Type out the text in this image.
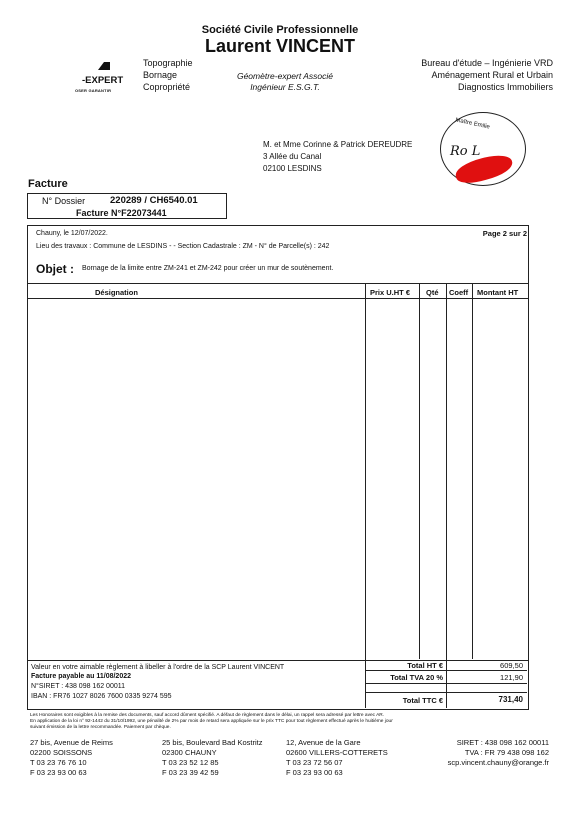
Société Civile Professionnelle
Laurent VINCENT
-EXPERT
OSER GARANTIR
Topographie
Bornage
Copropriété
Géomètre-expert Associé
Ingénieur E.S.G.T.
Bureau d'étude – Ingénierie VRD
Aménagement Rural et Urbain
Diagnostics Immobiliers
M. et Mme Corinne & Patrick DEREUDRE
3 Allée du Canal
02100 LESDINS
Maître Emilie
Ro L
Facture
N° Dossier	220289 / CH6540.01
Facture N°F22073441
Chauny, le 12/07/2022.	Page 2 sur 2
Lieu des travaux : Commune de LESDINS - - Section Cadastrale : ZM - N° de Parcelle(s) : 242
Objet : Bornage de la limite entre ZM-241 et ZM-242 pour créer un mur de soutènement.
Désignation	Prix U.HT € Qté Coeff Montant HT
Valeur en votre aimable règlement à libeller à l'ordre de la SCP Laurent VINCENT
Facture payable au 11/08/2022
N°SIRET : 438 098 162 00011
IBAN : FR76 1027 8026 7600 0335 9274 595
Total HT €	609,50
Total TVA 20 %	121,90
Total TTC €	731,40
Les Honoraires sont exigibles à la remise des documents, sauf accord dûment spécifié. A défaut de règlement dans le délai, un rappel sera adressé par lettre avec AR.
En application de la loi n° 92-1442 du 31/10/1992, une pénalité de 2% par mois de retard sera appliquée sur le prix TTC pour tout règlement effectué après le huitième jour
suivant émission de la lettre recommandée. Paiement par chèque.
27 bis, Avenue de Reims
02200 SOISSONS
T 03 23 76 76 10
F 03 23 93 00 63
25 bis, Boulevard Bad Kostritz
02300 CHAUNY
T 03 23 52 12 85
F 03 23 39 42 59
12, Avenue de la Gare
02600 VILLERS-COTTERETS
T 03 23 72 56 07
F 03 23 93 00 63
SIRET : 438 098 162 00011
TVA : FR 79 438 098 162
scp.vincent.chauny@orange.fr
